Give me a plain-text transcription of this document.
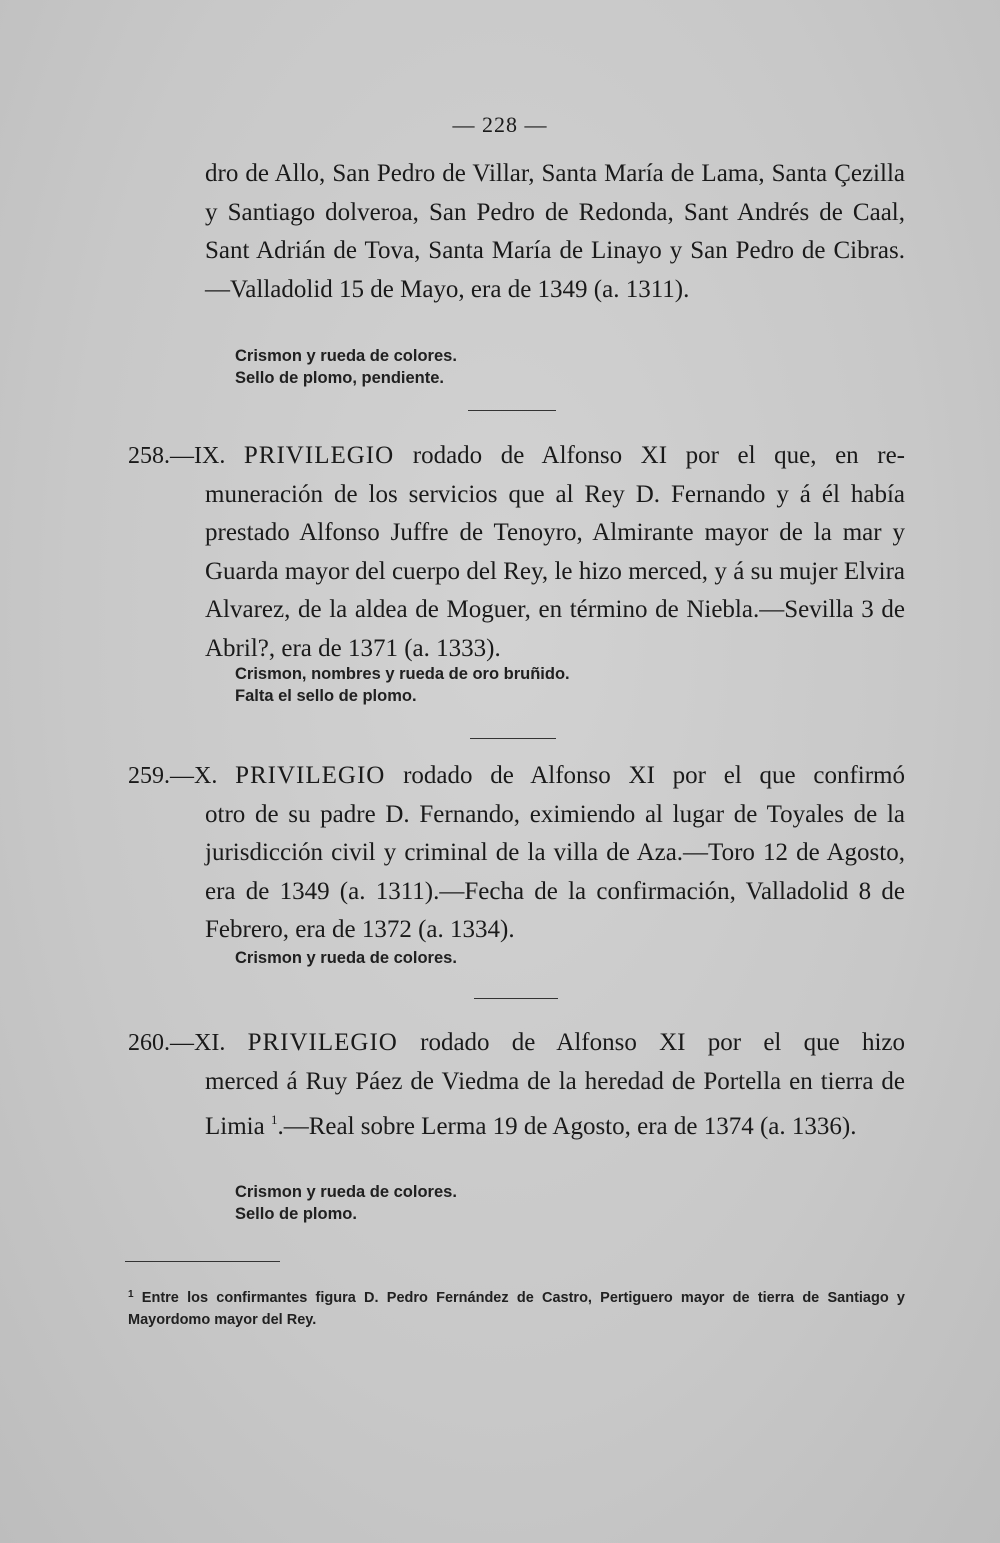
— 228 —

dro de Allo, San Pedro de Villar, Santa María de Lama, Santa Çezilla y Santiago dolveroa, San Pedro de Redonda, Sant Andrés de Caal, Sant Adrián de Tova, Santa María de Linayo y San Pedro de Cibras.—Valladolid 15 de Mayo, era de 1349 (a. 1311).

Crismon y rueda de colores.
Sello de plomo, pendiente.
258.—IX. PRIVILEGIO rodado de Alfonso XI por el que, en re-
muneración de los servicios que al Rey D. Fernando y á él había prestado Alfonso Juffre de Tenoyro, Almirante mayor de la mar y Guarda mayor del cuerpo del Rey, le hizo merced, y á su mujer Elvira Alvarez, de la aldea de Moguer, en término de Niebla.—Sevilla 3 de Abril?, era de 1371 (a. 1333).
Crismon, nombres y rueda de oro bruñido.
Falta el sello de plomo.
259.—X. PRIVILEGIO rodado de Alfonso XI por el que confirmó
otro de su padre D. Fernando, eximiendo al lugar de Toyales de la jurisdicción civil y criminal de la villa de Aza.—Toro 12 de Agosto, era de 1349 (a. 1311).—Fecha de la confirmación, Valladolid 8 de Febrero, era de 1372 (a. 1334).
Crismon y rueda de colores.
260.—XI. PRIVILEGIO rodado de Alfonso XI por el que hizo
merced á Ruy Páez de Viedma de la heredad de Portella en tierra de Limia $^1$.—Real sobre Lerma 19 de Agosto, era de 1374 (a. 1336).
Crismon y rueda de colores.
Sello de plomo.
$^1$ Entre los confirmantes figura D. Pedro Fernández de Castro, Pertiguero mayor de tierra de Santiago y Mayordomo mayor del Rey.
